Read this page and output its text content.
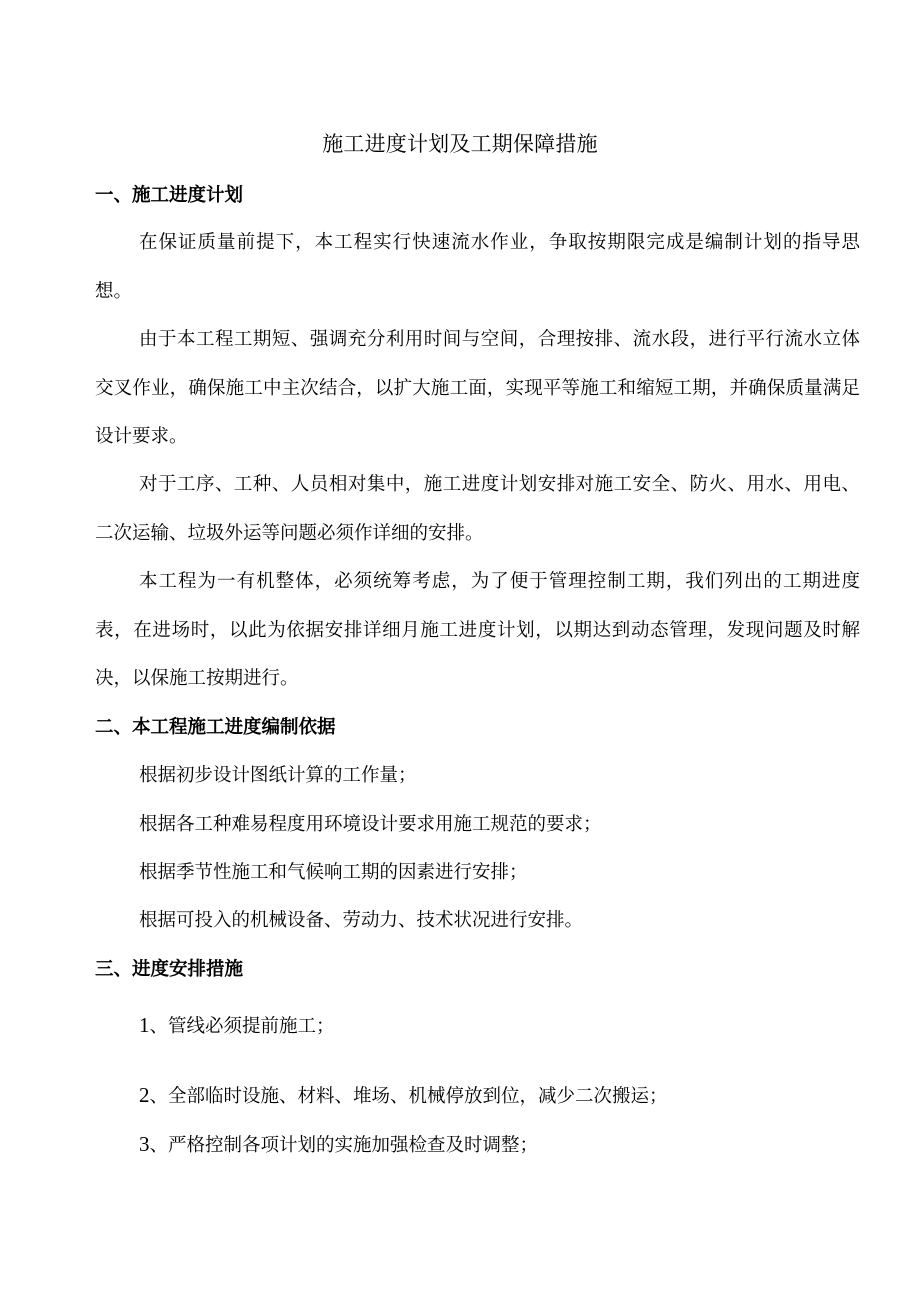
施工进度计划及工期保障措施
一、施工进度计划

在保证质量前提下，本工程实行快速流水作业，争取按期限完成是编制计划的指导思想。

由于本工程工期短、强调充分利用时间与空间，合理按排、流水段，进行平行流水立体交叉作业，确保施工中主次结合，以扩大施工面，实现平等施工和缩短工期，并确保质量满足设计要求。

对于工序、工种、人员相对集中，施工进度计划安排对施工安全、防火、用水、用电、二次运输、垃圾外运等问题必须作详细的安排。

本工程为一有机整体，必须统筹考虑，为了便于管理控制工期，我们列出的工期进度表，在进场时，以此为依据安排详细月施工进度计划，以期达到动态管理，发现问题及时解决，以保施工按期进行。

二、本工程施工进度编制依据
根据初步设计图纸计算的工作量；
根据各工种难易程度用环境设计要求用施工规范的要求；
根据季节性施工和气候响工期的因素进行安排；
根据可投入的机械设备、劳动力、技术状况进行安排。
三、进度安排措施
1、管线必须提前施工；
2、全部临时设施、材料、堆场、机械停放到位，减少二次搬运；
3、严格控制各项计划的实施加强检查及时调整；
